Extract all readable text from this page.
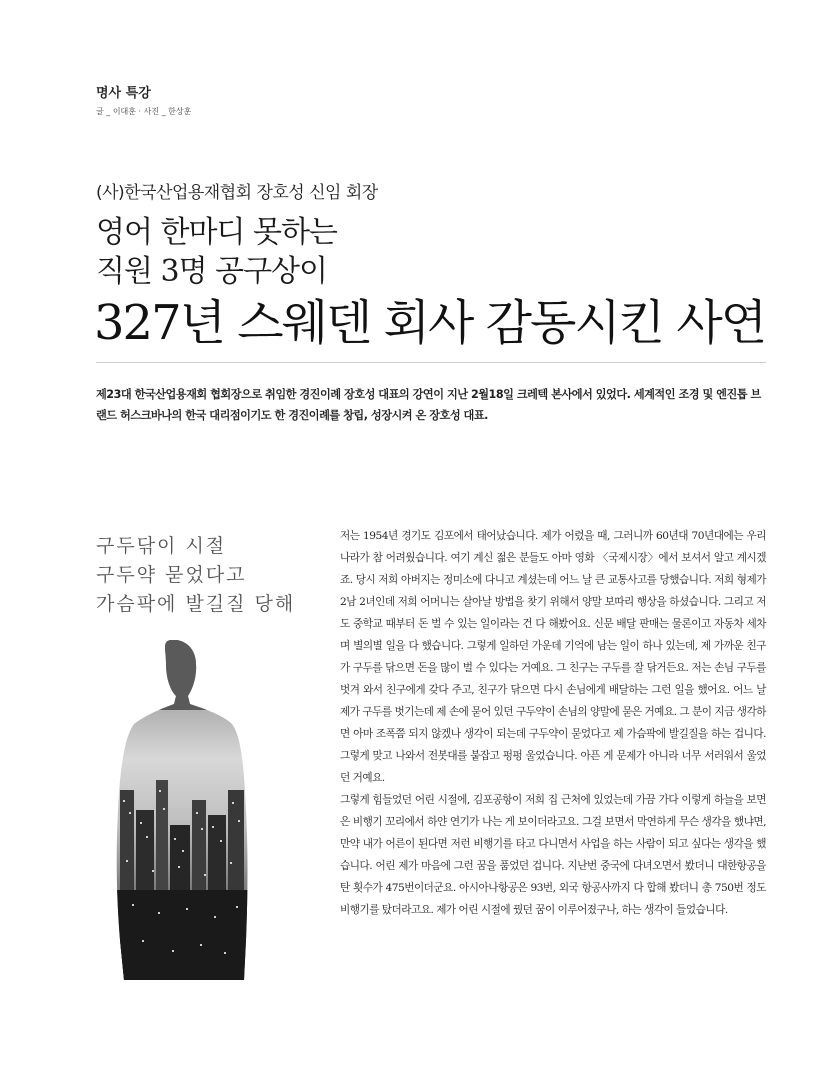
명사 특강
글 _ 이대훈 · 사진 _ 한상훈
(사)한국산업용재협회 장호성 신임 회장
영어 한마디 못하는
직원 3명 공구상이
327년 스웨덴 회사 감동시킨 사연
제23대 한국산업용재회 협회장으로 취임한 경진이례 장호성 대표의 강연이 지난 2월18일 크레텍 본사에서 있었다. 세계적인 조경 및 엔진톱 브랜드 허스크바나의 한국 대리점이기도 한 경진이례를 창립, 성장시켜 온 장호성 대표.
구두닦이 시절
구두약 묻었다고
가슴팍에 발길질 당해

저는 1954년 경기도 김포에서 태어났습니다. 제가 어렸을 때, 그러니까 60년대 70년대에는 우리나라가 참 어려웠습니다. 여기 계신 젊은 분들도 아마 영화 〈국제시장〉에서 보셔서 알고 계시겠죠. 당시 저희 아버지는 정미소에 다니고 계셨는데 어느 날 큰 교통사고를 당했습니다. 저희 형제가 2남 2녀인데 저희 어머니는 살아날 방법을 찾기 위해서 양말 보따리 행상을 하셨습니다. 그리고 저도 중학교 때부터 돈 벌 수 있는 일이라는 건 다 해봤어요. 신문 배달 판매는 물론이고 자동차 세차며 별의별 일을 다 했습니다. 그렇게 일하던 가운데 기억에 남는 일이 하나 있는데, 제 가까운 친구가 구두를 닦으면 돈을 많이 벌 수 있다는 거예요. 그 친구는 구두를 잘 닦거든요. 저는 손님 구두를 벗겨 와서 친구에게 갖다 주고, 친구가 닦으면 다시 손님에게 배달하는 그런 일을 했어요. 어느 날 제가 구두를 벗기는데 제 손에 묻어 있던 구두약이 손님의 양말에 묻은 거예요. 그 분이 지금 생각하면 아마 조폭쯤 되지 않겠나 생각이 되는데 구두약이 묻었다고 제 가슴팍에 발길질을 하는 겁니다. 그렇게 맞고 나와서 전봇대를 붙잡고 펑펑 울었습니다. 아픈 게 문제가 아니라 너무 서러워서 울었던 거예요.

그렇게 힘들었던 어린 시절에, 김포공항이 저희 집 근처에 있었는데 가끔 가다 이렇게 하늘을 보면은 비행기 꼬리에서 하얀 연기가 나는 게 보이더라고요. 그걸 보면서 막연하게 무슨 생각을 했냐면, 만약 내가 어른이 된다면 저런 비행기를 타고 다니면서 사업을 하는 사람이 되고 싶다는 생각을 했습니다. 어린 제가 마음에 그런 꿈을 품었던 겁니다. 지난번 중국에 다녀오면서 봤더니 대한항공을 탄 횟수가 475번이더군요. 아시아나항공은 93번, 외국 항공사까지 다 합해 봤더니 총 750번 정도 비행기를 탔더라고요. 제가 어린 시절에 꿨던 꿈이 이루어졌구나, 하는 생각이 들었습니다.
